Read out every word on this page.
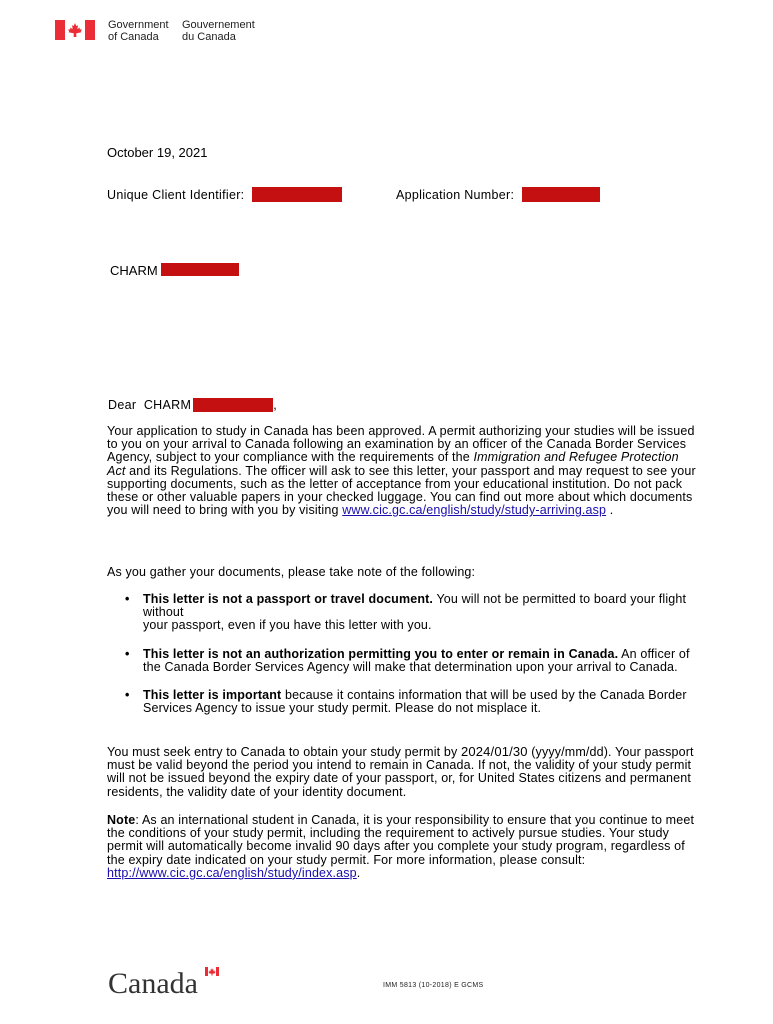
Government
of Canada
Gouvernement
du Canada
October 19, 2021
Unique Client Identifier:	Application Number:
CHARM
Dear CHARM	,

Your application to study in Canada has been approved. A permit authorizing your studies will be issued to you on your arrival to Canada following an examination by an officer of the Canada Border Services Agency, subject to your compliance with the requirements of the Immigration and Refugee Protection Act and its Regulations. The officer will ask to see this letter, your passport and may request to see your supporting documents, such as the letter of acceptance from your educational institution. Do not pack these or other valuable papers in your checked luggage. You can find out more about which documents you will need to bring with you by visiting www.cic.gc.ca/english/study/study-arriving.asp .

As you gather your documents, please take note of the following:
• This letter is not a passport or travel document. You will not be permitted to board your flight without
your passport, even if you have this letter with you.
• This letter is not an authorization permitting you to enter or remain in Canada. An officer of the Canada Border Services Agency will make that determination upon your arrival to Canada.
• This letter is important because it contains information that will be used by the Canada Border Services Agency to issue your study permit. Please do not misplace it.

You must seek entry to Canada to obtain your study permit by 2024/01/30 (yyyy/mm/dd). Your passport must be valid beyond the period you intend to remain in Canada. If not, the validity of your study permit will not be issued beyond the expiry date of your passport, or, for United States citizens and permanent residents, the validity date of your identity document.

Note: As an international student in Canada, it is your responsibility to ensure that you continue to meet the conditions of your study permit, including the requirement to actively pursue studies. Your study permit will automatically become invalid 90 days after you complete your study program, regardless of the expiry date indicated on your study permit. For more information, please consult: http://www.cic.gc.ca/english/study/index.asp.

Canada	IMM 5813 (10-2018) E GCMS
